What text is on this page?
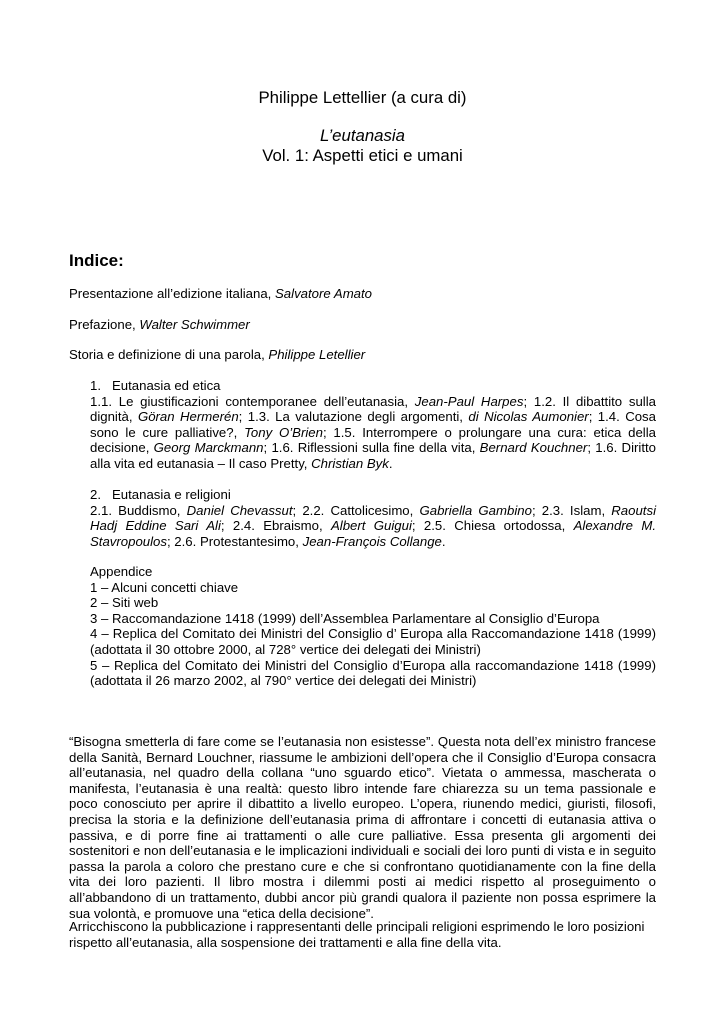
Philippe Lettellier (a cura di)
L’eutanasia
Vol. 1: Aspetti etici e umani
Indice:
Presentazione all’edizione italiana, Salvatore Amato
Prefazione, Walter Schwimmer
Storia e definizione di una parola, Philippe Letellier
1. Eutanasia ed etica
1.1. Le giustificazioni contemporanee dell’eutanasia, Jean-Paul Harpes; 1.2. Il dibattito sulla dignità, Göran Hermerén; 1.3. La valutazione degli argomenti, di Nicolas Aumonier; 1.4. Cosa sono le cure palliative?, Tony O’Brien; 1.5. Interrompere o prolungare una cura: etica della decisione, Georg Marckmann; 1.6. Riflessioni sulla fine della vita, Bernard Kouchner; 1.6. Diritto alla vita ed eutanasia – Il caso Pretty, Christian Byk.
2. Eutanasia e religioni
2.1. Buddismo, Daniel Chevassut; 2.2. Cattolicesimo, Gabriella Gambino; 2.3. Islam, Raoutsi Hadj Eddine Sari Ali; 2.4. Ebraismo, Albert Guigui; 2.5. Chiesa ortodossa, Alexandre M. Stavropoulos; 2.6. Protestantesimo, Jean-François Collange.
Appendice
1 – Alcuni concetti chiave
2 – Siti web
3 – Raccomandazione 1418 (1999) dell’Assemblea Parlamentare al Consiglio d’Europa
4 – Replica del Comitato dei Ministri del Consiglio d’ Europa alla Raccomandazione 1418 (1999) (adottata il 30 ottobre 2000, al 728° vertice dei delegati dei Ministri)
5 – Replica del Comitato dei Ministri del Consiglio d’Europa alla raccomandazione 1418 (1999) (adottata il 26 marzo 2002, al 790° vertice dei delegati dei Ministri)
“Bisogna smetterla di fare come se l’eutanasia non esistesse”. Questa nota dell’ex ministro francese della Sanità, Bernard Louchner, riassume le ambizioni dell’opera che il Consiglio d’Europa consacra all’eutanasia, nel quadro della collana “uno sguardo etico”. Vietata o ammessa, mascherata o manifesta, l’eutanasia è una realtà: questo libro intende fare chiarezza su un tema passionale e poco conosciuto per aprire il dibattito a livello europeo. L’opera, riunendo medici, giuristi, filosofi, precisa la storia e la definizione dell’eutanasia prima di affrontare i concetti di eutanasia attiva o passiva, e di porre fine ai trattamenti o alle cure palliative. Essa presenta gli argomenti dei sostenitori e non dell’eutanasia e le implicazioni individuali e sociali dei loro punti di vista e in seguito passa la parola a coloro che prestano cure e che si confrontano quotidianamente con la fine della vita dei loro pazienti. Il libro mostra i dilemmi posti ai medici rispetto al proseguimento o all’abbandono di un trattamento, dubbi ancor più grandi qualora il paziente non possa esprimere la sua volontà, e promuove una “etica della decisione”.
Arricchiscono la pubblicazione i rappresentanti delle principali religioni esprimendo le loro posizioni rispetto all’eutanasia, alla sospensione dei trattamenti e alla fine della vita.
